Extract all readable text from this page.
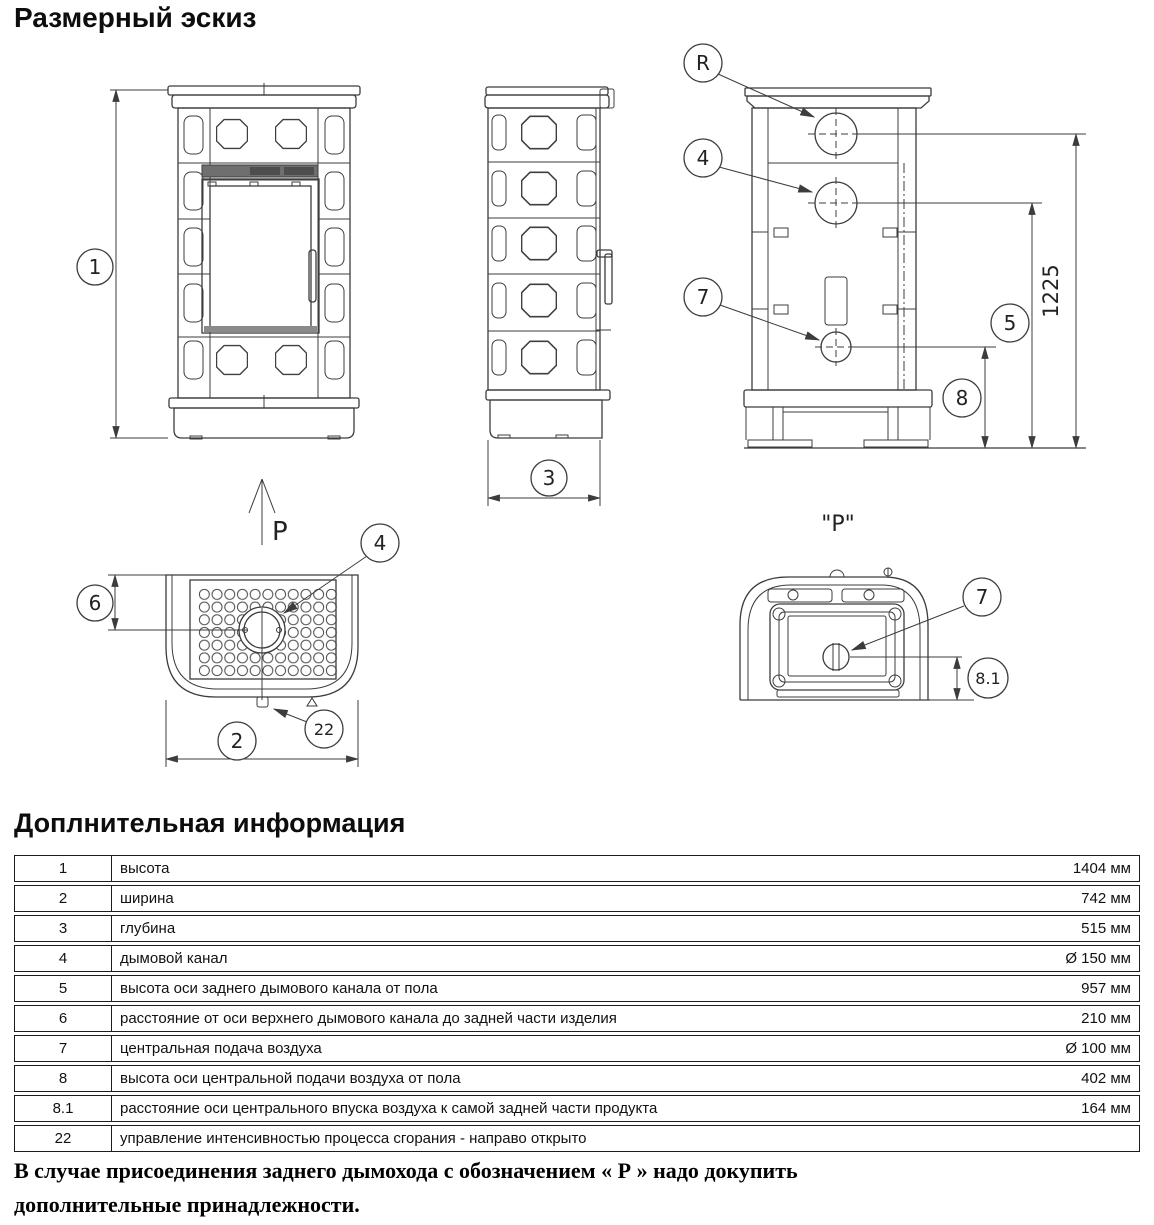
Размерный эскиз
1
P
3
1225
R
4
7
5
8
4
6
2	22
"P"
7
8.1
Доплнительная информация
1	высота	1404 мм
2	ширина	742 мм
3	глубина	515 мм
4	дымовой канал	Ø 150 мм
5	высота оси заднего дымового канала от пола	957 мм
6	расстояние от оси верхнего дымового канала до задней части изделия	210 мм
7	центральная подача воздуха	Ø 100 мм
8	высота оси центральной подачи воздуха от пола	402 мм
8.1	расстояние оси центрального впуска воздуха к самой задней части продукта	164 мм
22	управление интенсивностью процесса сгорания - направо открыто	
В случае присоединения заднего дымохода с обозначением « Р » надо докупить
дополнительные принадлежности.
